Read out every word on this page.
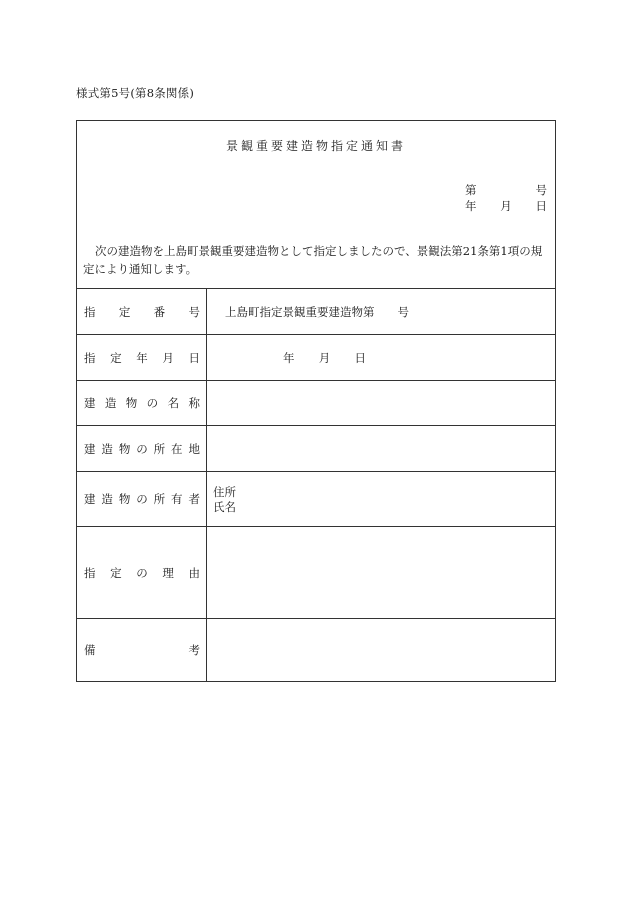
様式第5号(第8条関係)
景観重要建造物指定通知書
第	号
年 月 日

次の建造物を上島町景観重要建造物として指定しましたので、景観法第21条第1項の規定により通知します。

指 定 番 号 上島町指定景観重要建造物第　　号
指 定 年 月 日	年 月 日
建 造 物 の 名 称
建 造 物 の 所 在 地
建 造 物 の 所 有 者 住所
氏名
指 定 の 理 由
備	考
